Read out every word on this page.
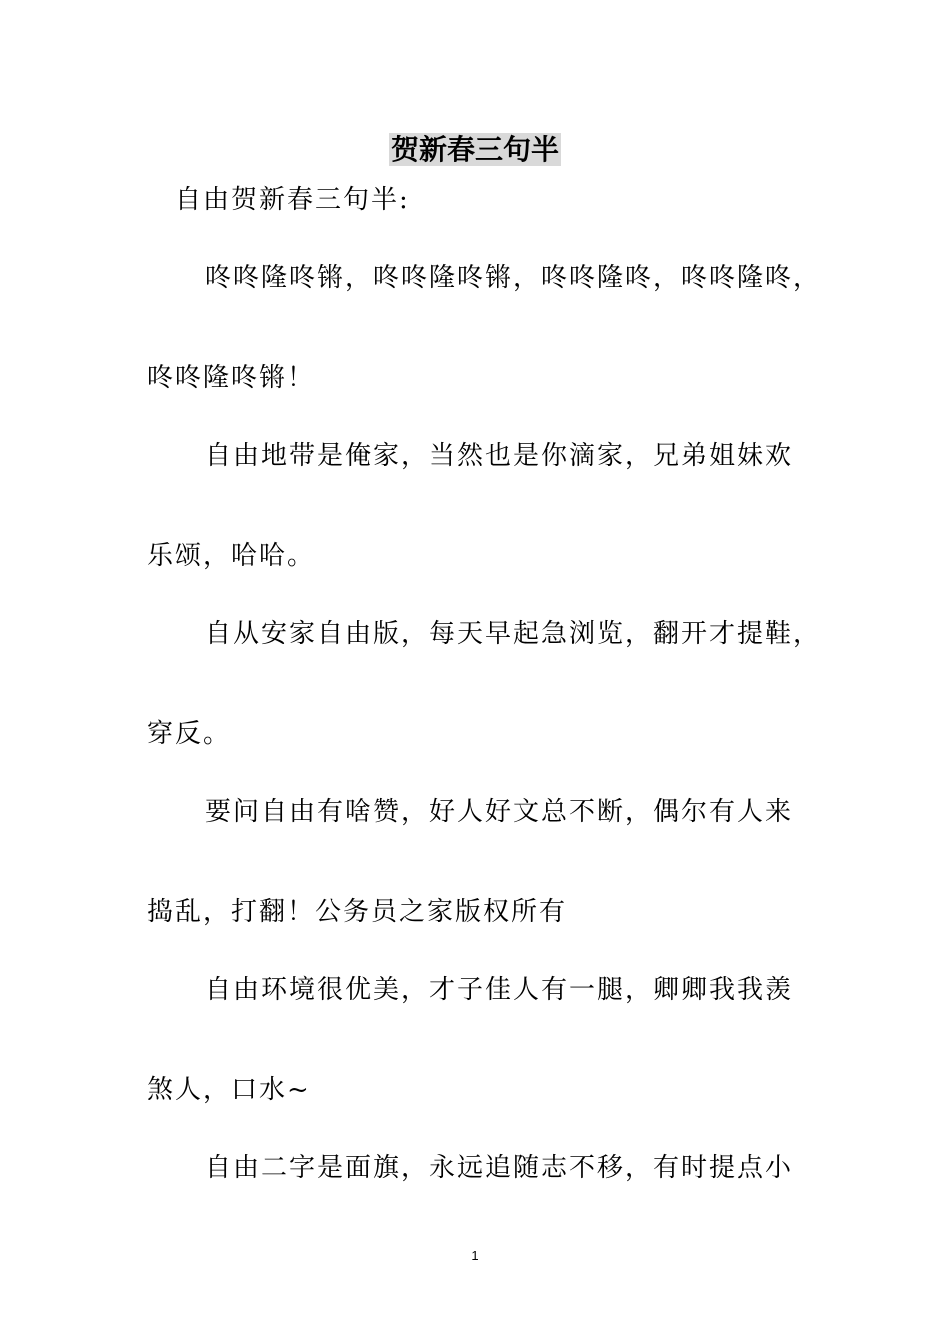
贺新春三句半
自由贺新春三句半:
咚咚隆咚锵，咚咚隆咚锵，咚咚隆咚，咚咚隆咚，
咚咚隆咚锵！
自由地带是俺家，当然也是你滴家，兄弟姐妹欢
乐颂，哈哈。
自从安家自由版，每天早起急浏览，翻开才提鞋，
穿反。
要问自由有啥赞，好人好文总不断，偶尔有人来
捣乱，打翻！公务员之家版权所有
自由环境很优美，才子佳人有一腿，卿卿我我羡
煞人，口水~
自由二字是面旗，永远追随志不移，有时提点小
1
